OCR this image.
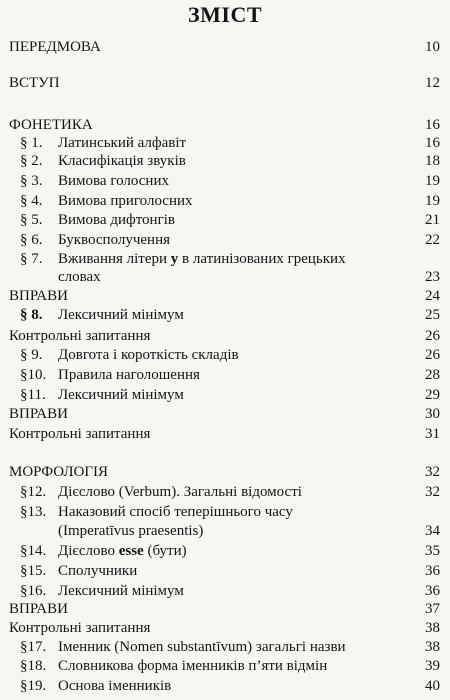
ЗМІСТ
ПЕРЕДМОВА	10
ВСТУП	12
ФОНЕТИКА	16
§ 1. Латинський алфавіт	16
§ 2. Класифікація звуків	18
§ 3. Вимова голосних	19
§ 4. Вимова приголосних	19
§ 5. Вимова дифтонгів	21
§ 6. Буквосполучення	22
§ 7. Вживання літери у в латинізованих грецьких
словах	23
ВПРАВИ	24
§ 8. Лексичний мінімум	25
Контрольні запитання	26
§ 9. Довгота і короткість складів	26
§10. Правила наголошення	28
§11. Лексичний мінімум	29
ВПРАВИ	30
Контрольні запитання	31
МОРФОЛОГІЯ	32
§12. Дієслово (Verbum). Загальні відомості	32
§13. Наказовий спосіб теперішнього часу
(Imperatīvus praesentis)	34
§14. Дієслово esse (бути)	35
§15. Сполучники	36
§16. Лексичний мінімум	36
ВПРАВИ	37
Контрольні запитання	38
§17. Іменник (Nomen substantīvum) загальгі назви	38
§18. Словникова форма іменників п’яти відмін	39
§19. Основа іменників	40
